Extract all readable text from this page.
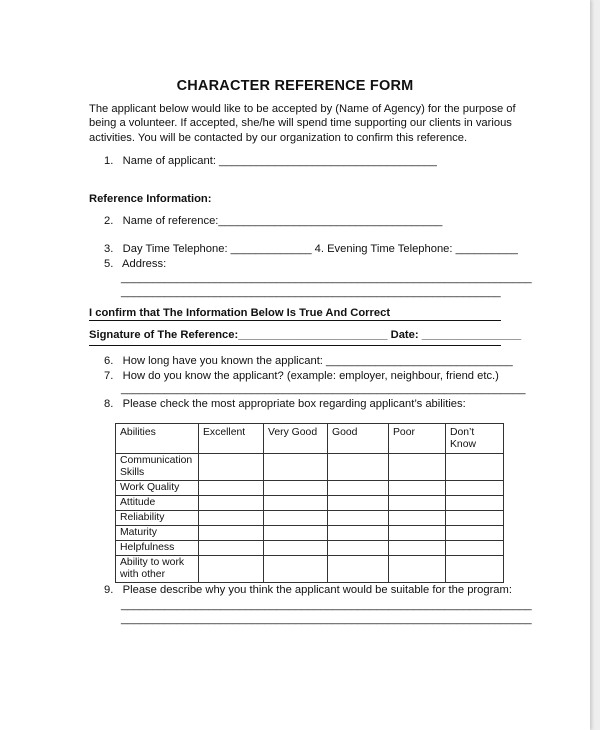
CHARACTER REFERENCE FORM
The applicant below would like to be accepted by (Name of Agency) for the purpose of
being a volunteer. If accepted, she/he will spend time supporting our clients in various
activities. You will be contacted by our organization to confirm this reference.
1.   Name of applicant: ___________________________________
Reference Information:
2.   Name of reference:____________________________________
3.   Day Time Telephone: _____________ 4. Evening Time Telephone: __________
5.   Address:
__________________________________________________________________
_____________________________________________________________
I confirm that The Information Below Is True And Correct
Signature of The Reference:________________________ Date: ________________
6.   How long have you known the applicant: ______________________________
7.   How do you know the applicant? (example: employer, neighbour, friend etc.)
_________________________________________________________________
8.   Please check the most appropriate box regarding applicant’s abilities:
Abilities	Excellent	Very Good	Good	Poor	Don’t Know
Communication Skills					
Work Quality					
Attitude					
Reliability					
Maturity					
Helpfulness					
Ability to work with other					
9.   Please describe why you think the applicant would be suitable for the program:
__________________________________________________________________
__________________________________________________________________
